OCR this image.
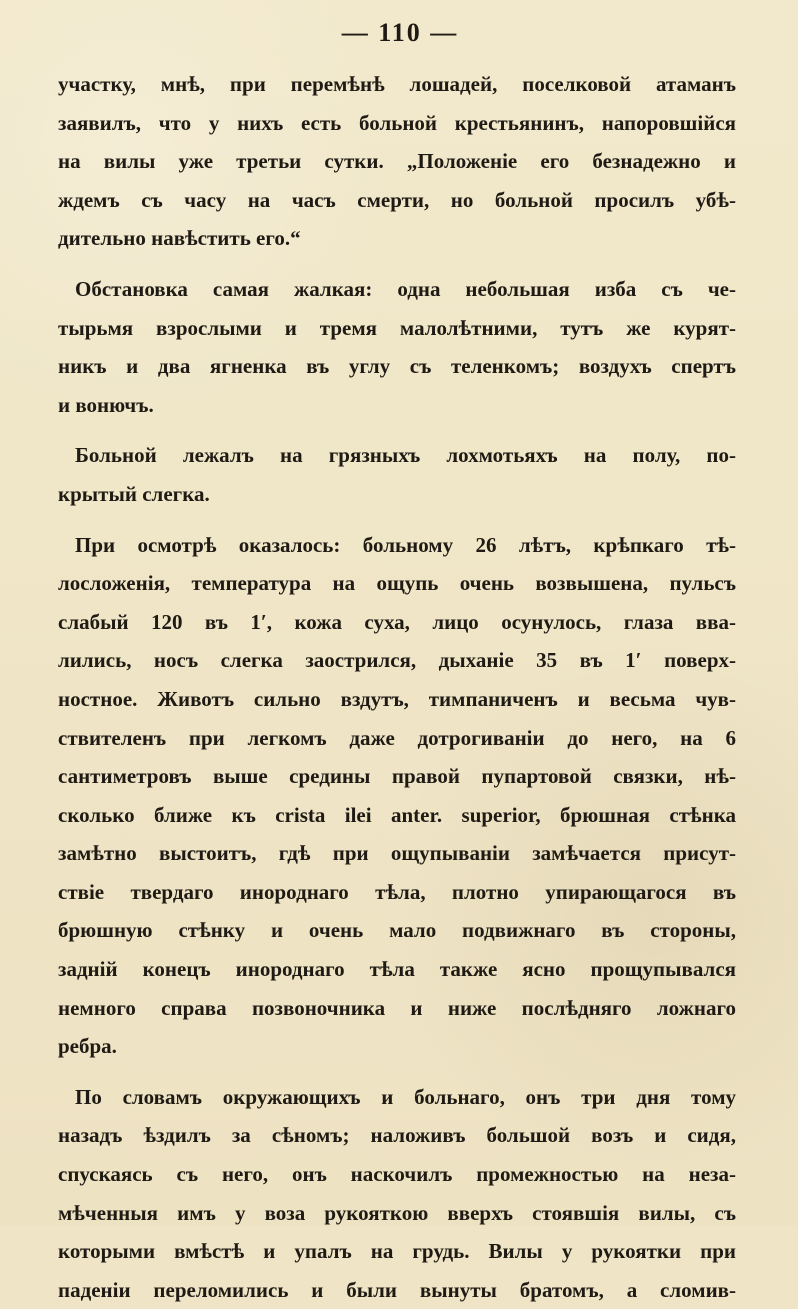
— 110 —
участку, мнѣ, при перемѣнѣ лошадей, поселковой атаманъ
заявилъ, что у нихъ есть больной крестьянинъ, напоровшійся
на вилы уже третьи сутки. „Положеніе его безнадежно и
ждемъ съ часу на часъ смерти, но больной просилъ убѣ-
дительно навѣстить его.“
Обстановка самая жалкая: одна небольшая изба съ че-
тырьмя взрослыми и тремя малолѣтними, тутъ же курят-
никъ и два ягненка въ углу съ теленкомъ; воздухъ спертъ
и вонючъ.
Больной лежалъ на грязныхъ лохмотьяхъ на полу, по-
крытый слегка.
При осмотрѣ оказалось: больному 26 лѣтъ, крѣпкаго тѣ-
лосложенія, температура на ощупь очень возвышена, пульсъ
слабый 120 въ 1′, кожа суха, лицо осунулось, глаза вва-
лились, носъ слегка заострился, дыханіе 35 въ 1′ поверх-
ностное. Животъ сильно вздутъ, тимпаниченъ и весьма чув-
ствителенъ при легкомъ даже дотрогиваніи до него, на 6
сантиметровъ выше средины правой пупартовой связки, нѣ-
сколько ближе къ crista ilei anter. superior, брюшная стѣнка
замѣтно выстоитъ, гдѣ при ощупываніи замѣчается присут-
ствіе твердаго инороднаго тѣла, плотно упирающагося въ
брюшную стѣнку и очень мало подвижнаго въ стороны,
задній конецъ инороднаго тѣла также ясно прощупывался
немного справа позвоночника и ниже послѣдняго ложнаго
ребра.
По словамъ окружающихъ и больнаго, онъ три дня тому
назадъ ѣздилъ за сѣномъ; наложивъ большой возъ и сидя,
спускаясь съ него, онъ наскочилъ промежностью на неза-
мѣченныя имъ у воза рукояткою вверхъ стоявшія вилы, съ
которыми вмѣстѣ и упалъ на грудь. Вилы у рукоятки при
паденіи переломились и были вынуты братомъ, а сломив-
